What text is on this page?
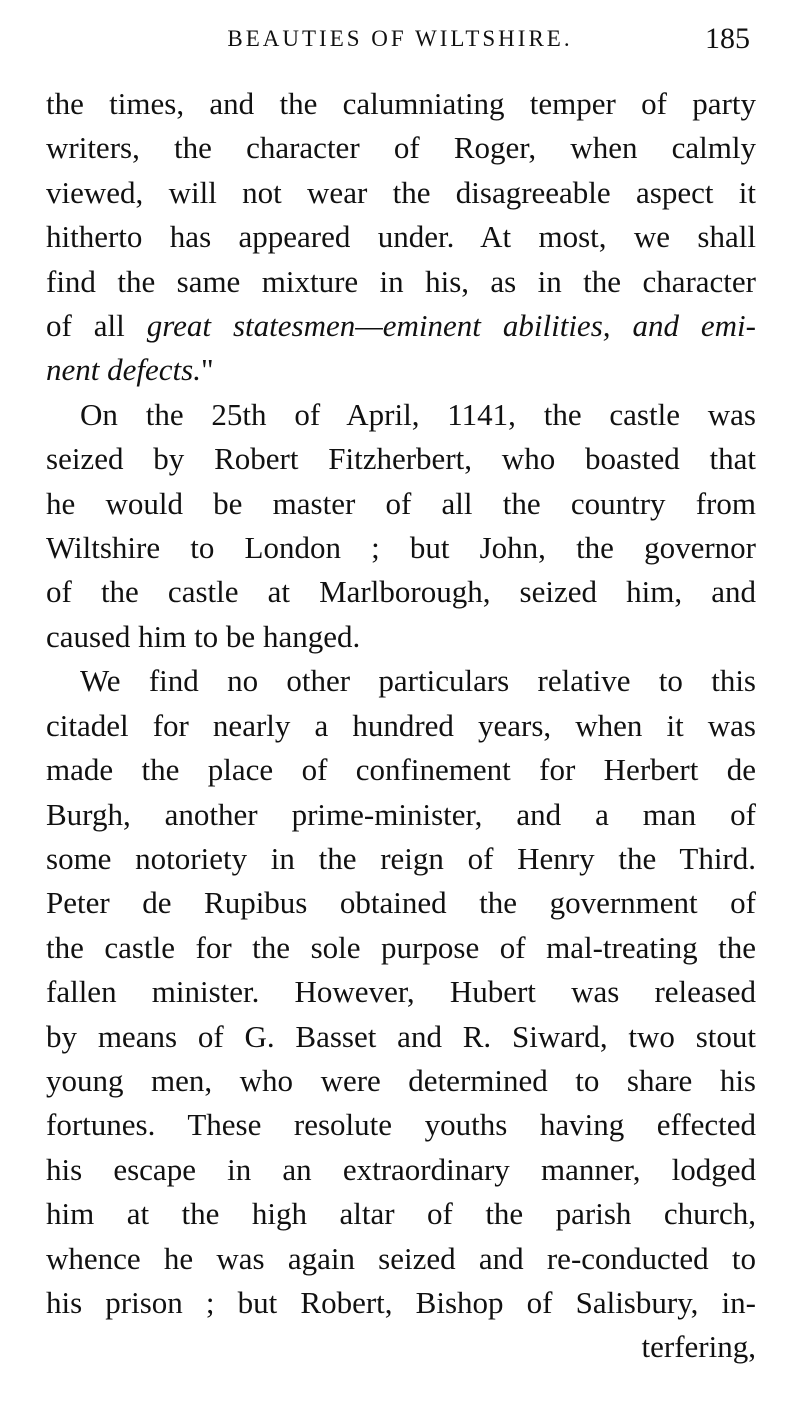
BEAUTIES OF WILTSHIRE.	185
the times, and the calumniating temper of party
writers, the character of Roger, when calmly
viewed, will not wear the disagreeable aspect it
hitherto has appeared under. At most, we shall
find the same mixture in his, as in the character
of all great statesmen—eminent abilities, and emi-
nent defects."
On the 25th of April, 1141, the castle was
seized by Robert Fitzherbert, who boasted that
he would be master of all the country from
Wiltshire to London ; but John, the governor
of the castle at Marlborough, seized him, and
caused him to be hanged.
We find no other particulars relative to this
citadel for nearly a hundred years, when it was
made the place of confinement for Herbert de
Burgh, another prime-minister, and a man of
some notoriety in the reign of Henry the Third.
Peter de Rupibus obtained the government of
the castle for the sole purpose of mal-treating the
fallen minister. However, Hubert was released
by means of G. Basset and R. Siward, two stout
young men, who were determined to share his
fortunes. These resolute youths having effected
his escape in an extraordinary manner, lodged
him at the high altar of the parish church,
whence he was again seized and re-conducted to
his prison ; but Robert, Bishop of Salisbury, in-
terfering,
